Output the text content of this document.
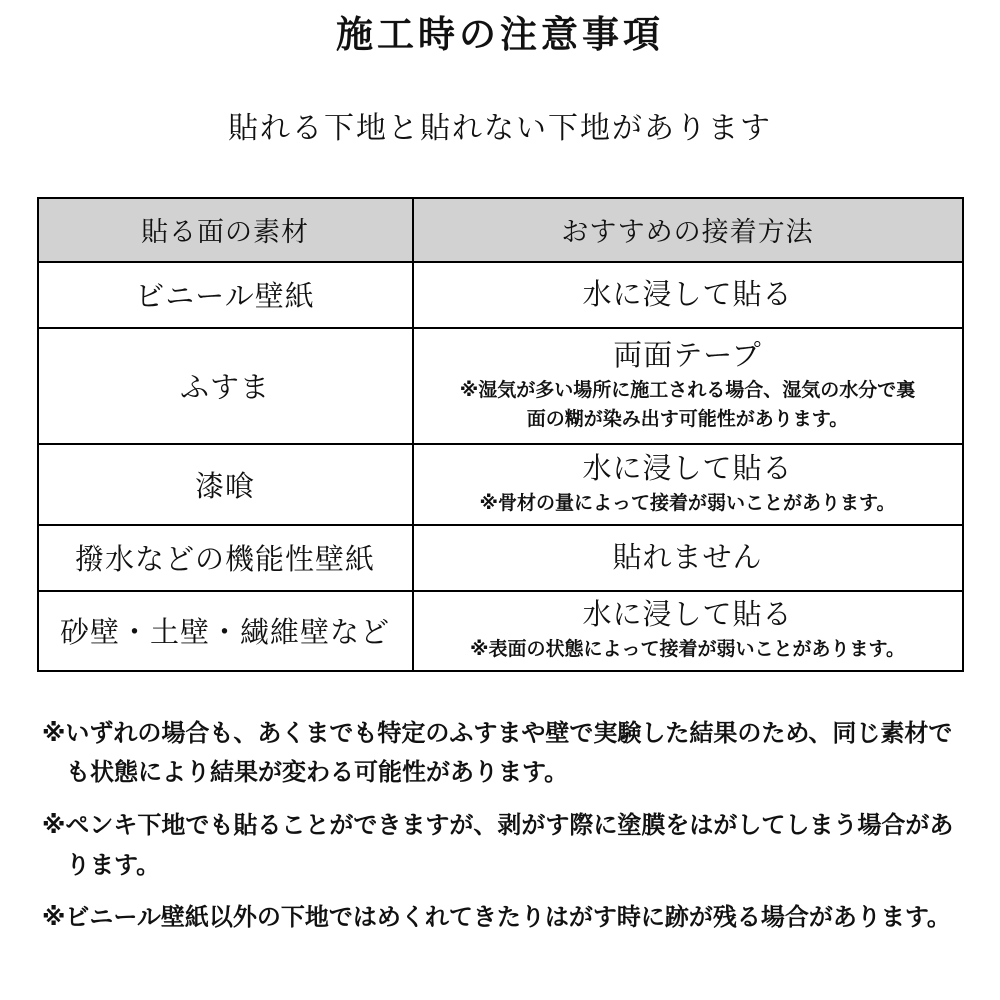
施工時の注意事項
貼れる下地と貼れない下地があります
貼る面の素材	おすすめの接着方法
ビニール壁紙	水に浸して貼る

ふすま	両面テープ
※湿気が多い場所に施工される場合、湿気の水分で裏面の糊が染み出す可能性があります。

漆喰	水に浸して貼る
※骨材の量によって接着が弱いことがあります。

撥水などの機能性壁紙	貼れません

砂壁・土壁・繊維壁など	水に浸して貼る
※表面の状態によって接着が弱いことがあります。
※いずれの場合も、あくまでも特定のふすまや壁で実験した結果のため、同じ素材でも状態により結果が変わる可能性があります。
※ペンキ下地でも貼ることができますが、剥がす際に塗膜をはがしてしまう場合があります。
※ビニール壁紙以外の下地ではめくれてきたりはがす時に跡が残る場合があります。
